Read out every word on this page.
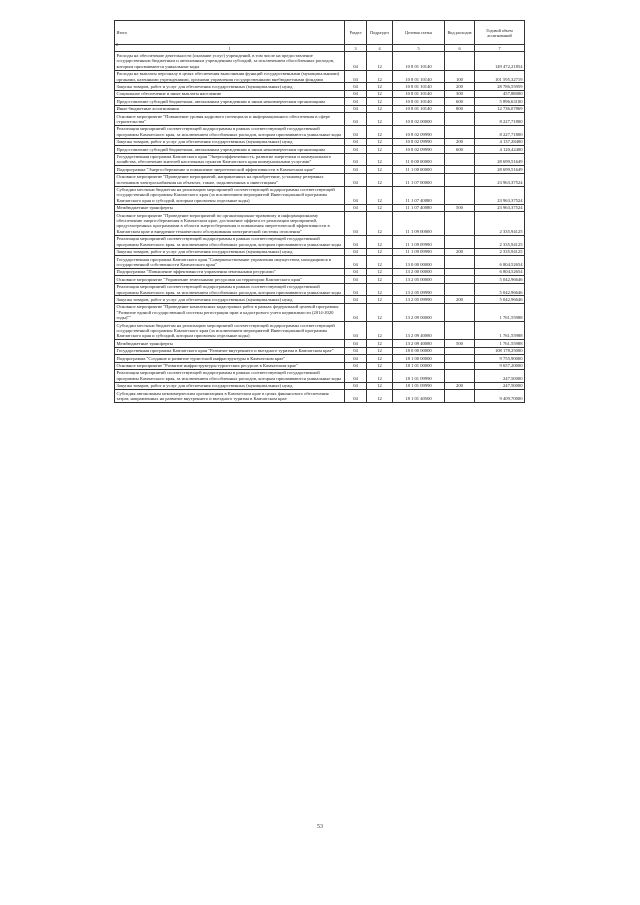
Итого	Раздел	Подраздел	Целевая статья	Вид расходов	Годовой объем ассигнований
1	3	4	5	6	7
Расходы на обеспечение деятельности (оказание услуг) учреждений, в том числе на предоставление государственным бюджетным и автономным учреждениям субсидий, за исключением обособленных расходов, которым присваиваются уникальные коды	04	12	10 8 01 10140		149 472,21854
Расходы на выплаты персоналу в целях обеспечения выполнения функций государственными (муниципальными) органами, казенными учреждениями, органами управления государственными внебюджетными фондами	04	12	10 8 01 10140	100	101 595,32719
Закупка товаров, работ и услуг для обеспечения государственных (муниципальных) нужд	04	12	10 8 01 10140	200	28 786,55959
Социальное обеспечение и иные выплаты населению	04	12	10 8 01 10140	300	457,88000
Предоставление субсидий бюджетным, автономным учреждениям и иным некоммерческим организациям	04	12	10 8 01 10140	600	5 896,63100
Иные бюджетные ассигнования	04	12	10 8 01 10140	800	12 736,07869
Основное мероприятие "Повышение уровня кадрового потенциала и информационного обеспечения в сфере строительства"	04	12	10 8 02 00000		8 227,71800
Реализация мероприятий соответствующей подпрограммы в рамках соответствующей государственной программы Камчатского края, за исключением обособленных расходов, которым присваиваются уникальные коды	04	12	10 8 02 09990		8 227,71800
Закупка товаров, работ и услуг для обеспечения государственных (муниципальных) нужд	04	12	10 8 02 09990	200	4 137,28400
Предоставление субсидий бюджетным, автономным учреждениям и иным некоммерческим организациям	04	12	10 8 02 09990	600	4 120,42400
Государственная программа Камчатского края "Энергоэффективность, развитие энергетики и коммунального хозяйства, обеспечение жителей населенных пунктов Камчатского края коммунальными услугами"	04	12	11 0 00 00000		28 699,51649
Подпрограмма "Энергосбережение и повышение энергетической эффективности в Камчатском крае"	04	12	11 1 00 00000		28 699,51649
Основное мероприятие "Проведение мероприятий, направленных на приобретение, установку резервных источников электроснабжения на объектах, также, подключенных к инвестициям"	04	12	11 1 07 00000		23 963,37524
Субсидии местным бюджетам на реализацию мероприятий соответствующей подпрограммы соответствующей государственной программы Камчатского края (за исключением мероприятий Инвестиционной программы Камчатского края и субсидий, которым присвоены отдельные коды)	04	12	11 1 07 40080		23 963,37524
Межбюджетные трансферты	04	12	11 1 07 40080	500	23 963,37524
Основное мероприятие "Проведение мероприятий по организационно-правовому и информационному обеспечению энергосбережения в Камчатском крае, достижение эффекта от реализации мероприятий, предусмотренных программами в области энергосбережения и повышения энергетической эффективности в Камчатском крае и внедрение технического обслуживания электрической системы отопления"	04	12	11 1 09 00000		2 335,94125
Реализация мероприятий соответствующей подпрограммы в рамках соответствующей государственной программы Камчатского края, за исключением обособленных расходов, которым присваиваются уникальные коды	04	12	11 1 09 09990		2 335,94125
Закупка товаров, работ и услуг для обеспечения государственных (муниципальных) нужд	04	12	11 1 09 09990	200	2 335,94125
Государственная программа Камчатского края "Совершенствование управления имуществом, находящимся в государственной собственности Камчатского края"	04	12	13 0 00 00000		6 804,52654
Подпрограмма "Повышение эффективности управления земельными ресурсами"	04	12	13 2 00 00000		6 804,52654
Основное мероприятие "Управление земельными ресурсами на территории Камчатского края"	04	12	13 2 05 00000		5 042,96646
Реализация мероприятий соответствующей подпрограммы в рамках соответствующей государственной программы Камчатского края, за исключением обособленных расходов, которым присваиваются уникальные коды	04	12	13 2 05 09990		5 042,96646
Закупка товаров, работ и услуг для обеспечения государственных (муниципальных) нужд	04	12	13 2 05 09990	200	5 042,96646
Основное мероприятие "Проведение комплексных кадастровых работ в рамках федеральной целевой программы "Развитие единой государственной системы регистрации прав и кадастрового учета недвижимости (2014-2020 годы)""	04	12	13 2 09 00000		1 761,55988
Субсидии местным бюджетам на реализацию мероприятий соответствующей подпрограммы соответствующей государственной программы Камчатского края (за исключением мероприятий Инвестиционной программы Камчатского края и субсидий, которым присвоены отдельные коды)	04	12	13 2 09 40080		1 761,55988
Межбюджетные трансферты	04	12	13 2 09 40080	500	1 761,55988
Государственная программа Камчатского края "Развитие внутреннего и въездного туризма в Камчатском крае"	04	12	18 0 00 00000		108 178,25000
Подпрограмма "Создание и развитие туристской инфраструктуры в Камчатском крае"	04	12	18 1 00 00000		9 755,90000
Основное мероприятие "Развитие инфраструктуры туристских ресурсов в Камчатском крае"	04	12	18 1 01 00000		9 657,20000
Реализация мероприятий соответствующей подпрограммы в рамках соответствующей государственной программы Камчатского края, за исключением обособленных расходов, которым присваиваются уникальные коды	04	12	18 1 01 09990		247,50000
Закупка товаров, работ и услуг для обеспечения государственных (муниципальных) нужд	04	12	18 1 01 09990	200	247,50000
Субсидия автономным некоммерческим организациям в Камчатском крае в целях финансового обеспечения затрат, направленных на развитие внутреннего и въездного туризма в Камчатском крае	04	12	18 1 01 40500		9 409,70000
2
53
